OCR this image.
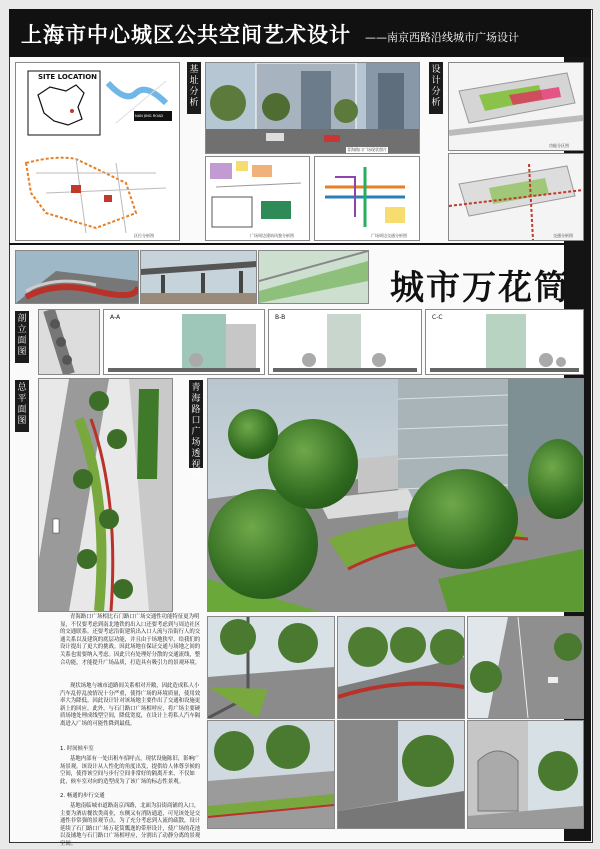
上海市中心城区公共空间艺术设计 ——南京西路沿线城市广场设计
SITE LOCATION
NAN JING ROAD
区位分析图
基址分析
青海路口广场现状照片
广场周边建筑风貌分析图	广场周边交通分析图
设计分析
功能分区图
交通分析图
城市万花筒
剖立面图
A-A	B-B	C-C
总平面图
青海路口广场透视图
青海路口广场相比石门路口广场交通性功能特征更为明显，不仅要考虑到南北地铁的出入口还要考虑到与周边社区的交通联系。还要考虑沿街建筑出入口人流与沿街行人的交通关系以及建筑的底层功能，并且由于场地狭窄，给我们的设计提出了更大的挑战。因此场地在保证交通与场地之间的关系也需要纳入考虑。因此只有处理好分散的交通流线，整合功能，才能提升广场品质，打造具有吸引力的景观环境。
现状场地与城市道路间关系相对开敞，因此造成私人小汽车乱停乱放情况十分严重，使得广场的环境质量，使用效率大为降低。因此设计针对该场地主要作出了交通和设施更新上的回应。此外，与石门路口广场相呼应，将广场主要硬质场地处理成线型空间，降低宽度，在设计上将私人汽车隔离进入广场的可能性降到最低。
1. 时间候车室
基地内部有一处出租车招呼点，现状设施陈旧，影响广场景观。该设计从人性化的角度出发，提供给人体尊享候的空间，使得该空间与步行空间非常好的隔离开来，不仅如此，候车室对向的造型成为了该广场的标志性景观。
2. 畅通的步行交通
基地南临城市道路南京西路，北面为沿街商铺的入口，主要为酒店餐饮类商业，东侧又有消防通道，可见该处是交通性非常强的景观节点。为了充分考虑到人流的疏散，设计延续了石门路口广场万花筒瓢逸的带形设计，使广场的花池以及铺地与石门路口广场相呼应，分割出了动静分离的景观空间。
